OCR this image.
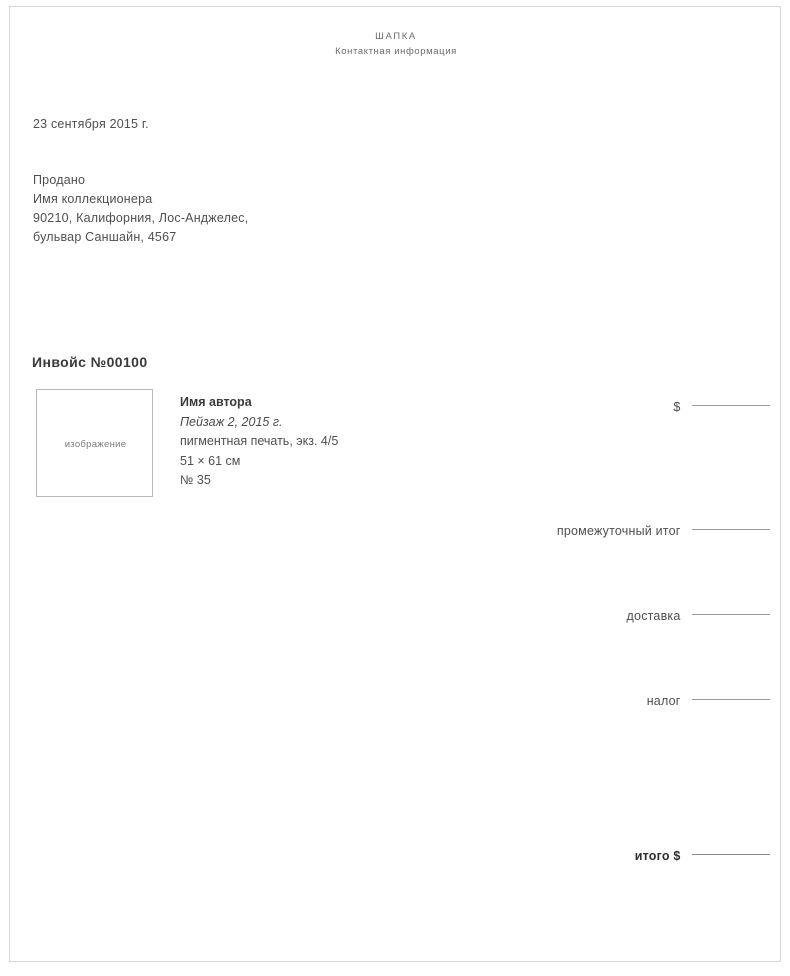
ШАПКА
Контактная информация
23 сентября 2015 г.
Продано
Имя коллекционера
90210, Калифорния, Лос-Анджелес,
бульвар Саншайн, 4567
Инвойс №00100
изображение
Имя автора
Пейзаж 2, 2015 г.
пигментная печать, экз. 4/5
51 × 61 см
№ 35
$
промежуточный итог
доставка
налог
итого $
